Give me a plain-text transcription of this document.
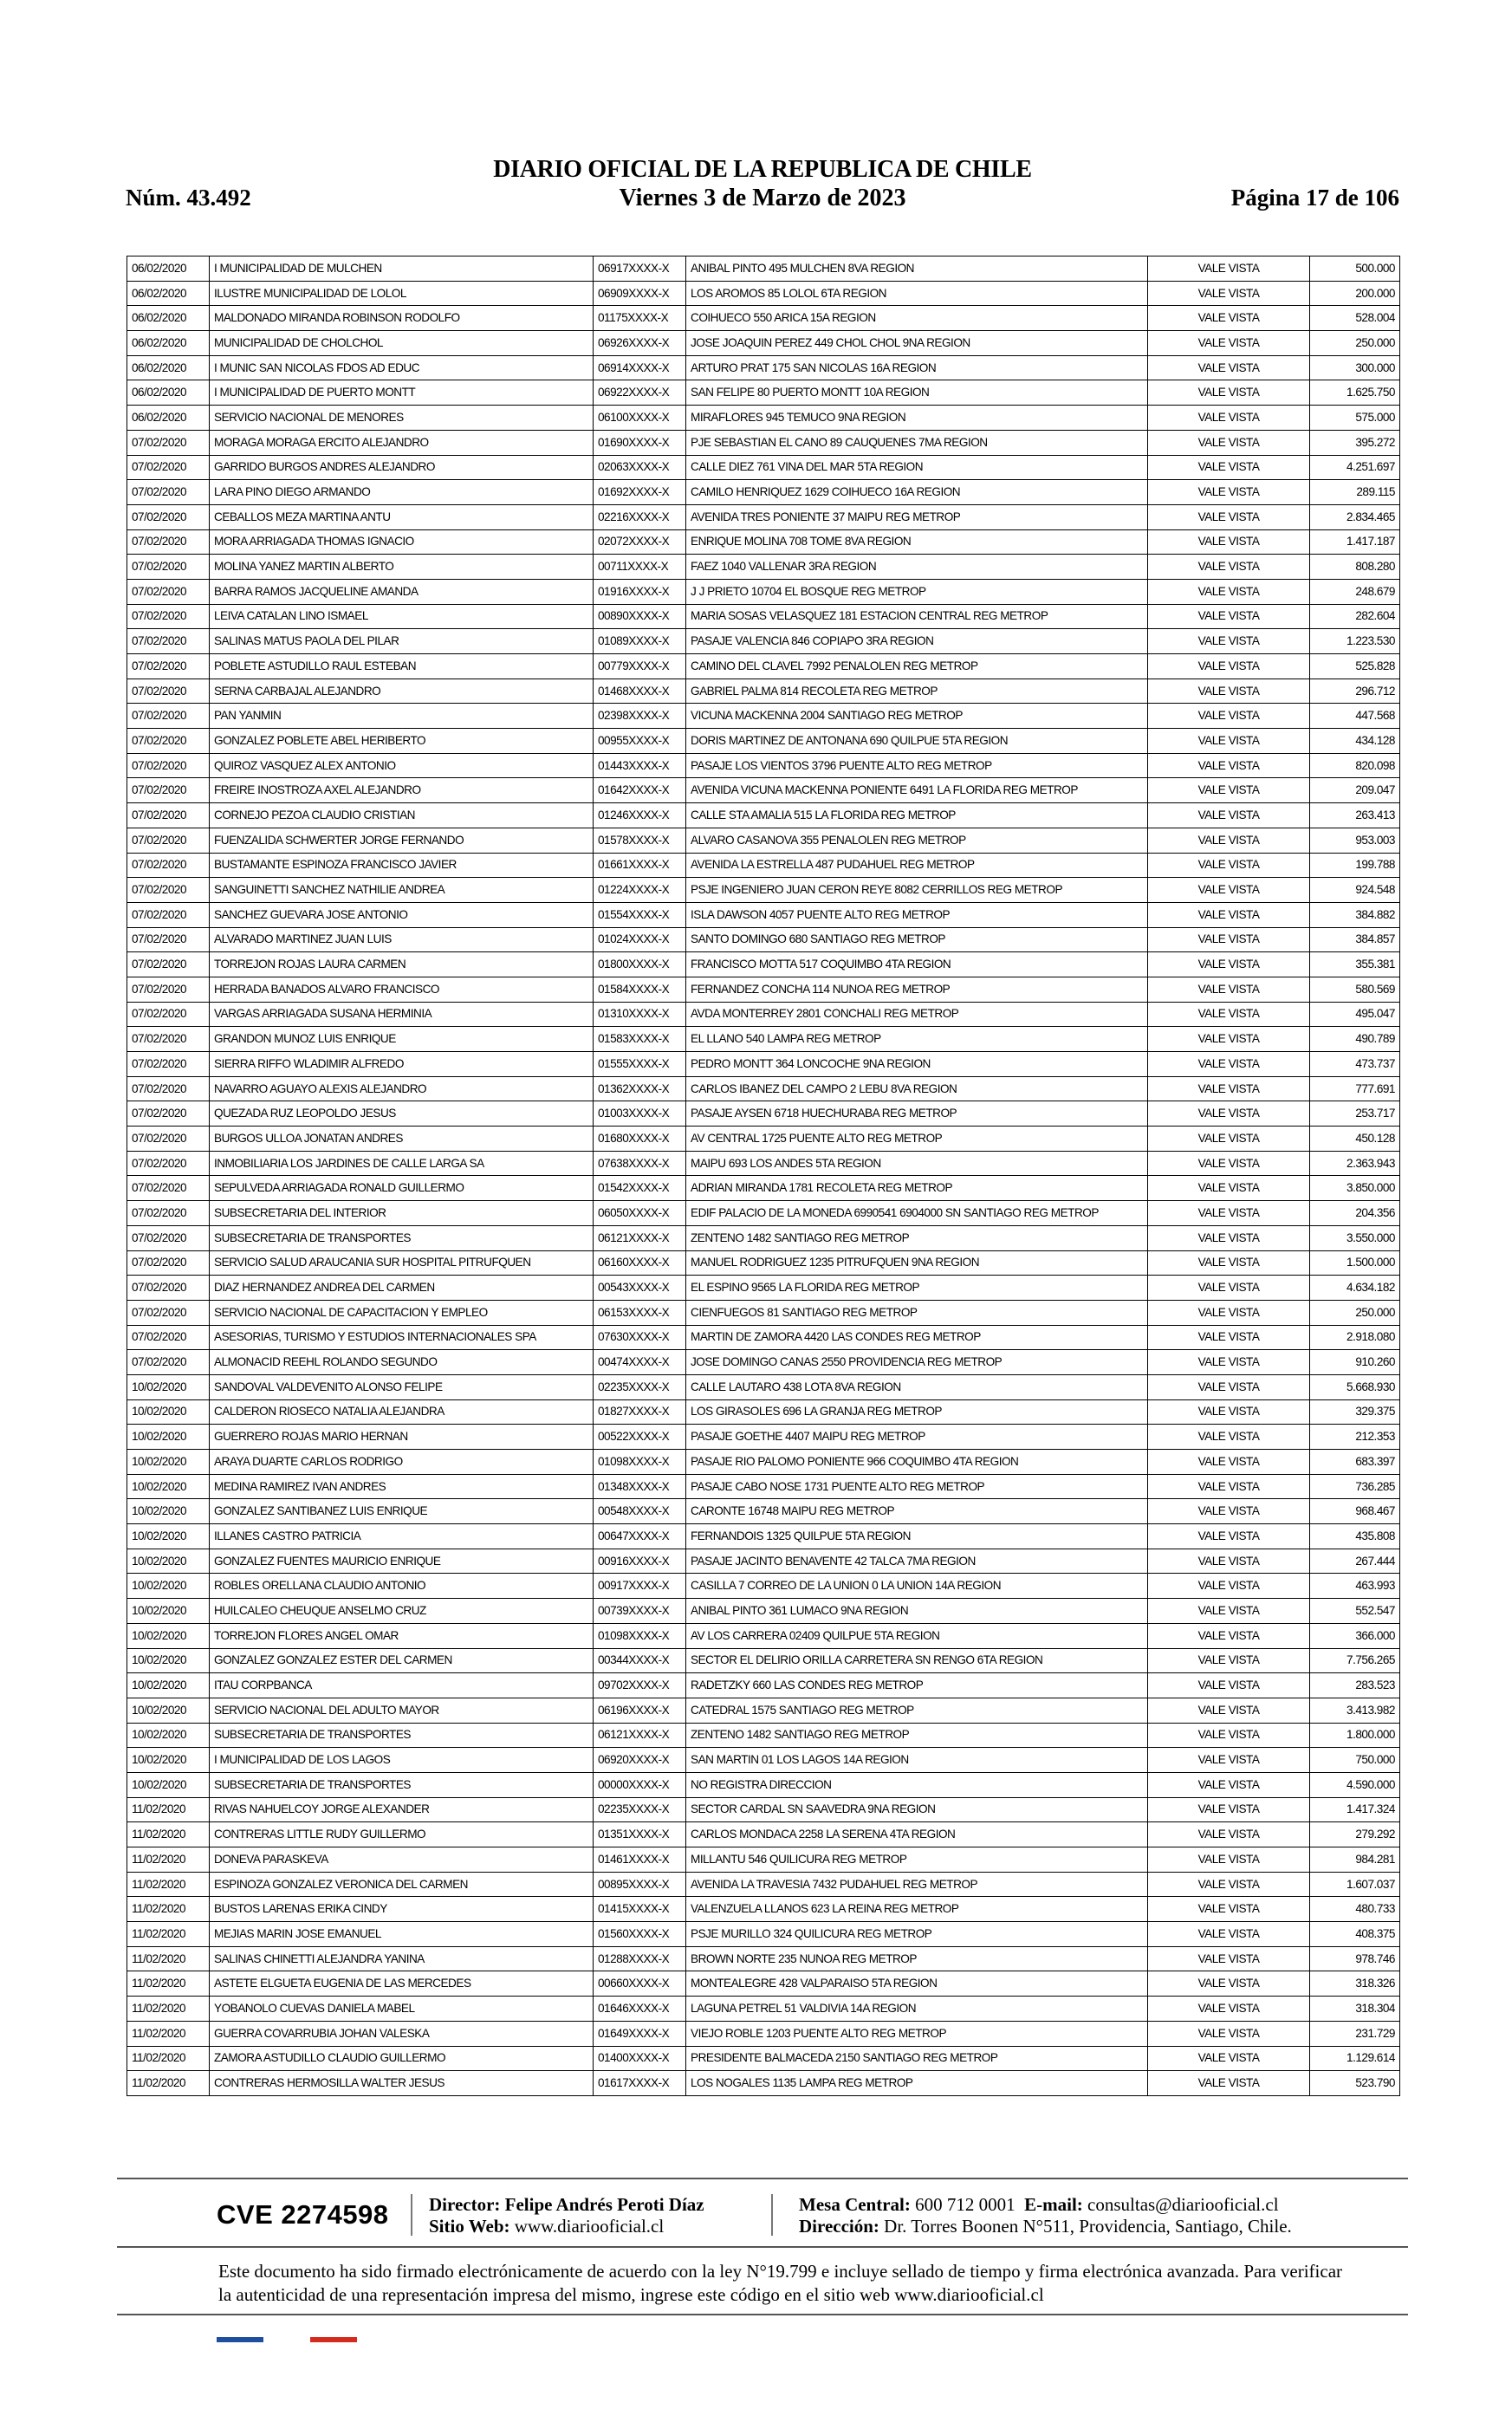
Núm. 43.492
DIARIO OFICIAL DE LA REPUBLICA DE CHILE
Viernes 3 de Marzo de 2023	Página 17 de 106
06/02/2020	I MUNICIPALIDAD DE MULCHEN	06917XXXX-X	ANIBAL PINTO 495 MULCHEN 8VA REGION	VALE VISTA	500.000
06/02/2020	ILUSTRE MUNICIPALIDAD DE LOLOL	06909XXXX-X	LOS AROMOS 85 LOLOL 6TA REGION	VALE VISTA	200.000
06/02/2020	MALDONADO MIRANDA ROBINSON RODOLFO	01175XXXX-X	COIHUECO 550 ARICA 15A REGION	VALE VISTA	528.004
06/02/2020	MUNICIPALIDAD DE CHOLCHOL	06926XXXX-X	JOSE JOAQUIN PEREZ 449 CHOL CHOL 9NA REGION	VALE VISTA	250.000
06/02/2020	I MUNIC SAN NICOLAS FDOS AD EDUC	06914XXXX-X	ARTURO PRAT 175 SAN NICOLAS 16A REGION	VALE VISTA	300.000
06/02/2020	I MUNICIPALIDAD DE PUERTO MONTT	06922XXXX-X	SAN FELIPE 80 PUERTO MONTT 10A REGION	VALE VISTA	1.625.750
06/02/2020	SERVICIO NACIONAL DE MENORES	06100XXXX-X	MIRAFLORES 945 TEMUCO 9NA REGION	VALE VISTA	575.000
07/02/2020	MORAGA MORAGA ERCITO ALEJANDRO	01690XXXX-X	PJE SEBASTIAN EL CANO 89 CAUQUENES 7MA REGION	VALE VISTA	395.272
07/02/2020	GARRIDO BURGOS ANDRES ALEJANDRO	02063XXXX-X	CALLE DIEZ 761 VINA DEL MAR 5TA REGION	VALE VISTA	4.251.697
07/02/2020	LARA PINO DIEGO ARMANDO	01692XXXX-X	CAMILO HENRIQUEZ 1629 COIHUECO 16A REGION	VALE VISTA	289.115
07/02/2020	CEBALLOS MEZA MARTINA ANTU	02216XXXX-X	AVENIDA TRES PONIENTE 37 MAIPU REG METROP	VALE VISTA	2.834.465
07/02/2020	MORA ARRIAGADA THOMAS IGNACIO	02072XXXX-X	ENRIQUE MOLINA 708 TOME 8VA REGION	VALE VISTA	1.417.187
07/02/2020	MOLINA YANEZ MARTIN ALBERTO	00711XXXX-X	FAEZ 1040 VALLENAR 3RA REGION	VALE VISTA	808.280
07/02/2020	BARRA RAMOS JACQUELINE AMANDA	01916XXXX-X	J J PRIETO 10704 EL BOSQUE REG METROP	VALE VISTA	248.679
07/02/2020	LEIVA CATALAN LINO ISMAEL	00890XXXX-X	MARIA SOSAS VELASQUEZ 181 ESTACION CENTRAL REG METROP	VALE VISTA	282.604
07/02/2020	SALINAS MATUS PAOLA DEL PILAR	01089XXXX-X	PASAJE VALENCIA 846 COPIAPO 3RA REGION	VALE VISTA	1.223.530
07/02/2020	POBLETE ASTUDILLO RAUL ESTEBAN	00779XXXX-X	CAMINO DEL CLAVEL 7992 PENALOLEN REG METROP	VALE VISTA	525.828
07/02/2020	SERNA CARBAJAL ALEJANDRO	01468XXXX-X	GABRIEL PALMA 814 RECOLETA REG METROP	VALE VISTA	296.712
07/02/2020	PAN YANMIN	02398XXXX-X	VICUNA MACKENNA 2004 SANTIAGO REG METROP	VALE VISTA	447.568
07/02/2020	GONZALEZ POBLETE ABEL HERIBERTO	00955XXXX-X	DORIS MARTINEZ DE ANTONANA 690 QUILPUE 5TA REGION	VALE VISTA	434.128
07/02/2020	QUIROZ VASQUEZ ALEX ANTONIO	01443XXXX-X	PASAJE LOS VIENTOS 3796 PUENTE ALTO REG METROP	VALE VISTA	820.098
07/02/2020	FREIRE INOSTROZA AXEL ALEJANDRO	01642XXXX-X	AVENIDA VICUNA MACKENNA PONIENTE 6491 LA FLORIDA REG METROP	VALE VISTA	209.047
07/02/2020	CORNEJO PEZOA CLAUDIO CRISTIAN	01246XXXX-X	CALLE STA AMALIA 515 LA FLORIDA REG METROP	VALE VISTA	263.413
07/02/2020	FUENZALIDA SCHWERTER JORGE FERNANDO	01578XXXX-X	ALVARO CASANOVA 355 PENALOLEN REG METROP	VALE VISTA	953.003
07/02/2020	BUSTAMANTE ESPINOZA FRANCISCO JAVIER	01661XXXX-X	AVENIDA LA ESTRELLA 487 PUDAHUEL REG METROP	VALE VISTA	199.788
07/02/2020	SANGUINETTI SANCHEZ NATHILIE ANDREA	01224XXXX-X	PSJE INGENIERO JUAN CERON REYE 8082 CERRILLOS REG METROP	VALE VISTA	924.548
07/02/2020	SANCHEZ GUEVARA JOSE ANTONIO	01554XXXX-X	ISLA DAWSON 4057 PUENTE ALTO REG METROP	VALE VISTA	384.882
07/02/2020	ALVARADO MARTINEZ JUAN LUIS	01024XXXX-X	SANTO DOMINGO 680 SANTIAGO REG METROP	VALE VISTA	384.857
07/02/2020	TORREJON ROJAS LAURA CARMEN	01800XXXX-X	FRANCISCO MOTTA 517 COQUIMBO 4TA REGION	VALE VISTA	355.381
07/02/2020	HERRADA BANADOS ALVARO FRANCISCO	01584XXXX-X	FERNANDEZ CONCHA 114 NUNOA REG METROP	VALE VISTA	580.569
07/02/2020	VARGAS ARRIAGADA SUSANA HERMINIA	01310XXXX-X	AVDA MONTERREY 2801 CONCHALI REG METROP	VALE VISTA	495.047
07/02/2020	GRANDON MUNOZ LUIS ENRIQUE	01583XXXX-X	EL LLANO 540 LAMPA REG METROP	VALE VISTA	490.789
07/02/2020	SIERRA RIFFO WLADIMIR ALFREDO	01555XXXX-X	PEDRO MONTT 364 LONCOCHE 9NA REGION	VALE VISTA	473.737
07/02/2020	NAVARRO AGUAYO ALEXIS ALEJANDRO	01362XXXX-X	CARLOS IBANEZ DEL CAMPO 2 LEBU 8VA REGION	VALE VISTA	777.691
07/02/2020	QUEZADA RUZ LEOPOLDO JESUS	01003XXXX-X	PASAJE AYSEN 6718 HUECHURABA REG METROP	VALE VISTA	253.717
07/02/2020	BURGOS ULLOA JONATAN ANDRES	01680XXXX-X	AV CENTRAL 1725 PUENTE ALTO REG METROP	VALE VISTA	450.128
07/02/2020	INMOBILIARIA LOS JARDINES DE CALLE LARGA SA	07638XXXX-X	MAIPU 693 LOS ANDES 5TA REGION	VALE VISTA	2.363.943
07/02/2020	SEPULVEDA ARRIAGADA RONALD GUILLERMO	01542XXXX-X	ADRIAN MIRANDA 1781 RECOLETA REG METROP	VALE VISTA	3.850.000
07/02/2020	SUBSECRETARIA DEL INTERIOR	06050XXXX-X	EDIF PALACIO DE LA MONEDA 6990541 6904000 SN SANTIAGO REG METROP	VALE VISTA	204.356
07/02/2020	SUBSECRETARIA DE TRANSPORTES	06121XXXX-X	ZENTENO 1482 SANTIAGO REG METROP	VALE VISTA	3.550.000
07/02/2020	SERVICIO SALUD ARAUCANIA SUR HOSPITAL PITRUFQUEN	06160XXXX-X	MANUEL RODRIGUEZ 1235 PITRUFQUEN 9NA REGION	VALE VISTA	1.500.000
07/02/2020	DIAZ HERNANDEZ ANDREA DEL CARMEN	00543XXXX-X	EL ESPINO 9565 LA FLORIDA REG METROP	VALE VISTA	4.634.182
07/02/2020	SERVICIO NACIONAL DE CAPACITACION Y EMPLEO	06153XXXX-X	CIENFUEGOS 81 SANTIAGO REG METROP	VALE VISTA	250.000
07/02/2020	ASESORIAS, TURISMO Y ESTUDIOS INTERNACIONALES SPA	07630XXXX-X	MARTIN DE ZAMORA 4420 LAS CONDES REG METROP	VALE VISTA	2.918.080
07/02/2020	ALMONACID REEHL ROLANDO SEGUNDO	00474XXXX-X	JOSE DOMINGO CANAS 2550 PROVIDENCIA REG METROP	VALE VISTA	910.260
10/02/2020	SANDOVAL VALDEVENITO ALONSO FELIPE	02235XXXX-X	CALLE LAUTARO 438 LOTA 8VA REGION	VALE VISTA	5.668.930
10/02/2020	CALDERON RIOSECO NATALIA ALEJANDRA	01827XXXX-X	LOS GIRASOLES 696 LA GRANJA REG METROP	VALE VISTA	329.375
10/02/2020	GUERRERO ROJAS MARIO HERNAN	00522XXXX-X	PASAJE GOETHE 4407 MAIPU REG METROP	VALE VISTA	212.353
10/02/2020	ARAYA DUARTE CARLOS RODRIGO	01098XXXX-X	PASAJE RIO PALOMO PONIENTE 966 COQUIMBO 4TA REGION	VALE VISTA	683.397
10/02/2020	MEDINA RAMIREZ IVAN ANDRES	01348XXXX-X	PASAJE CABO NOSE 1731 PUENTE ALTO REG METROP	VALE VISTA	736.285
10/02/2020	GONZALEZ SANTIBANEZ LUIS ENRIQUE	00548XXXX-X	CARONTE 16748 MAIPU REG METROP	VALE VISTA	968.467
10/02/2020	ILLANES CASTRO PATRICIA	00647XXXX-X	FERNANDOIS 1325 QUILPUE 5TA REGION	VALE VISTA	435.808
10/02/2020	GONZALEZ FUENTES MAURICIO ENRIQUE	00916XXXX-X	PASAJE JACINTO BENAVENTE 42 TALCA 7MA REGION	VALE VISTA	267.444
10/02/2020	ROBLES ORELLANA CLAUDIO ANTONIO	00917XXXX-X	CASILLA 7 CORREO DE LA UNION 0 LA UNION 14A REGION	VALE VISTA	463.993
10/02/2020	HUILCALEO CHEUQUE ANSELMO CRUZ	00739XXXX-X	ANIBAL PINTO 361 LUMACO 9NA REGION	VALE VISTA	552.547
10/02/2020	TORREJON FLORES ANGEL OMAR	01098XXXX-X	AV LOS CARRERA 02409 QUILPUE 5TA REGION	VALE VISTA	366.000
10/02/2020	GONZALEZ GONZALEZ ESTER DEL CARMEN	00344XXXX-X	SECTOR EL DELIRIO ORILLA CARRETERA SN RENGO 6TA REGION	VALE VISTA	7.756.265
10/02/2020	ITAU CORPBANCA	09702XXXX-X	RADETZKY 660 LAS CONDES REG METROP	VALE VISTA	283.523
10/02/2020	SERVICIO NACIONAL DEL ADULTO MAYOR	06196XXXX-X	CATEDRAL 1575 SANTIAGO REG METROP	VALE VISTA	3.413.982
10/02/2020	SUBSECRETARIA DE TRANSPORTES	06121XXXX-X	ZENTENO 1482 SANTIAGO REG METROP	VALE VISTA	1.800.000
10/02/2020	I MUNICIPALIDAD DE LOS LAGOS	06920XXXX-X	SAN MARTIN 01 LOS LAGOS 14A REGION	VALE VISTA	750.000
10/02/2020	SUBSECRETARIA DE TRANSPORTES	00000XXXX-X	NO REGISTRA DIRECCION	VALE VISTA	4.590.000
11/02/2020	RIVAS NAHUELCOY JORGE ALEXANDER	02235XXXX-X	SECTOR CARDAL SN SAAVEDRA 9NA REGION	VALE VISTA	1.417.324
11/02/2020	CONTRERAS LITTLE RUDY GUILLERMO	01351XXXX-X	CARLOS MONDACA 2258 LA SERENA 4TA REGION	VALE VISTA	279.292
11/02/2020	DONEVA PARASKEVA	01461XXXX-X	MILLANTU 546 QUILICURA REG METROP	VALE VISTA	984.281
11/02/2020	ESPINOZA GONZALEZ VERONICA DEL CARMEN	00895XXXX-X	AVENIDA LA TRAVESIA 7432 PUDAHUEL REG METROP	VALE VISTA	1.607.037
11/02/2020	BUSTOS LARENAS ERIKA CINDY	01415XXXX-X	VALENZUELA LLANOS 623 LA REINA REG METROP	VALE VISTA	480.733
11/02/2020	MEJIAS MARIN JOSE EMANUEL	01560XXXX-X	PSJE MURILLO 324 QUILICURA REG METROP	VALE VISTA	408.375
11/02/2020	SALINAS CHINETTI ALEJANDRA YANINA	01288XXXX-X	BROWN NORTE 235 NUNOA REG METROP	VALE VISTA	978.746
11/02/2020	ASTETE ELGUETA EUGENIA DE LAS MERCEDES	00660XXXX-X	MONTEALEGRE 428 VALPARAISO 5TA REGION	VALE VISTA	318.326
11/02/2020	YOBANOLO CUEVAS DANIELA MABEL	01646XXXX-X	LAGUNA PETREL 51 VALDIVIA 14A REGION	VALE VISTA	318.304
11/02/2020	GUERRA COVARRUBIA JOHAN VALESKA	01649XXXX-X	VIEJO ROBLE 1203 PUENTE ALTO REG METROP	VALE VISTA	231.729
11/02/2020	ZAMORA ASTUDILLO CLAUDIO GUILLERMO	01400XXXX-X	PRESIDENTE BALMACEDA 2150 SANTIAGO REG METROP	VALE VISTA	1.129.614
11/02/2020	CONTRERAS HERMOSILLA WALTER JESUS	01617XXXX-X	LOS NOGALES 1135 LAMPA REG METROP	VALE VISTA	523.790
CVE 2274598 Director: Felipe Andrés Peroti Díaz
Sitio Web: www.diariooficial.cl
Mesa Central: 600 712 0001 E-mail: consultas@diariooficial.cl
Dirección: Dr. Torres Boonen N°511, Providencia, Santiago, Chile.
Este documento ha sido firmado electrónicamente de acuerdo con la ley N°19.799 e incluye sellado de tiempo y firma electrónica avanzada. Para verificar la autenticidad de una representación impresa del mismo, ingrese este código en el sitio web www.diariooficial.cl
